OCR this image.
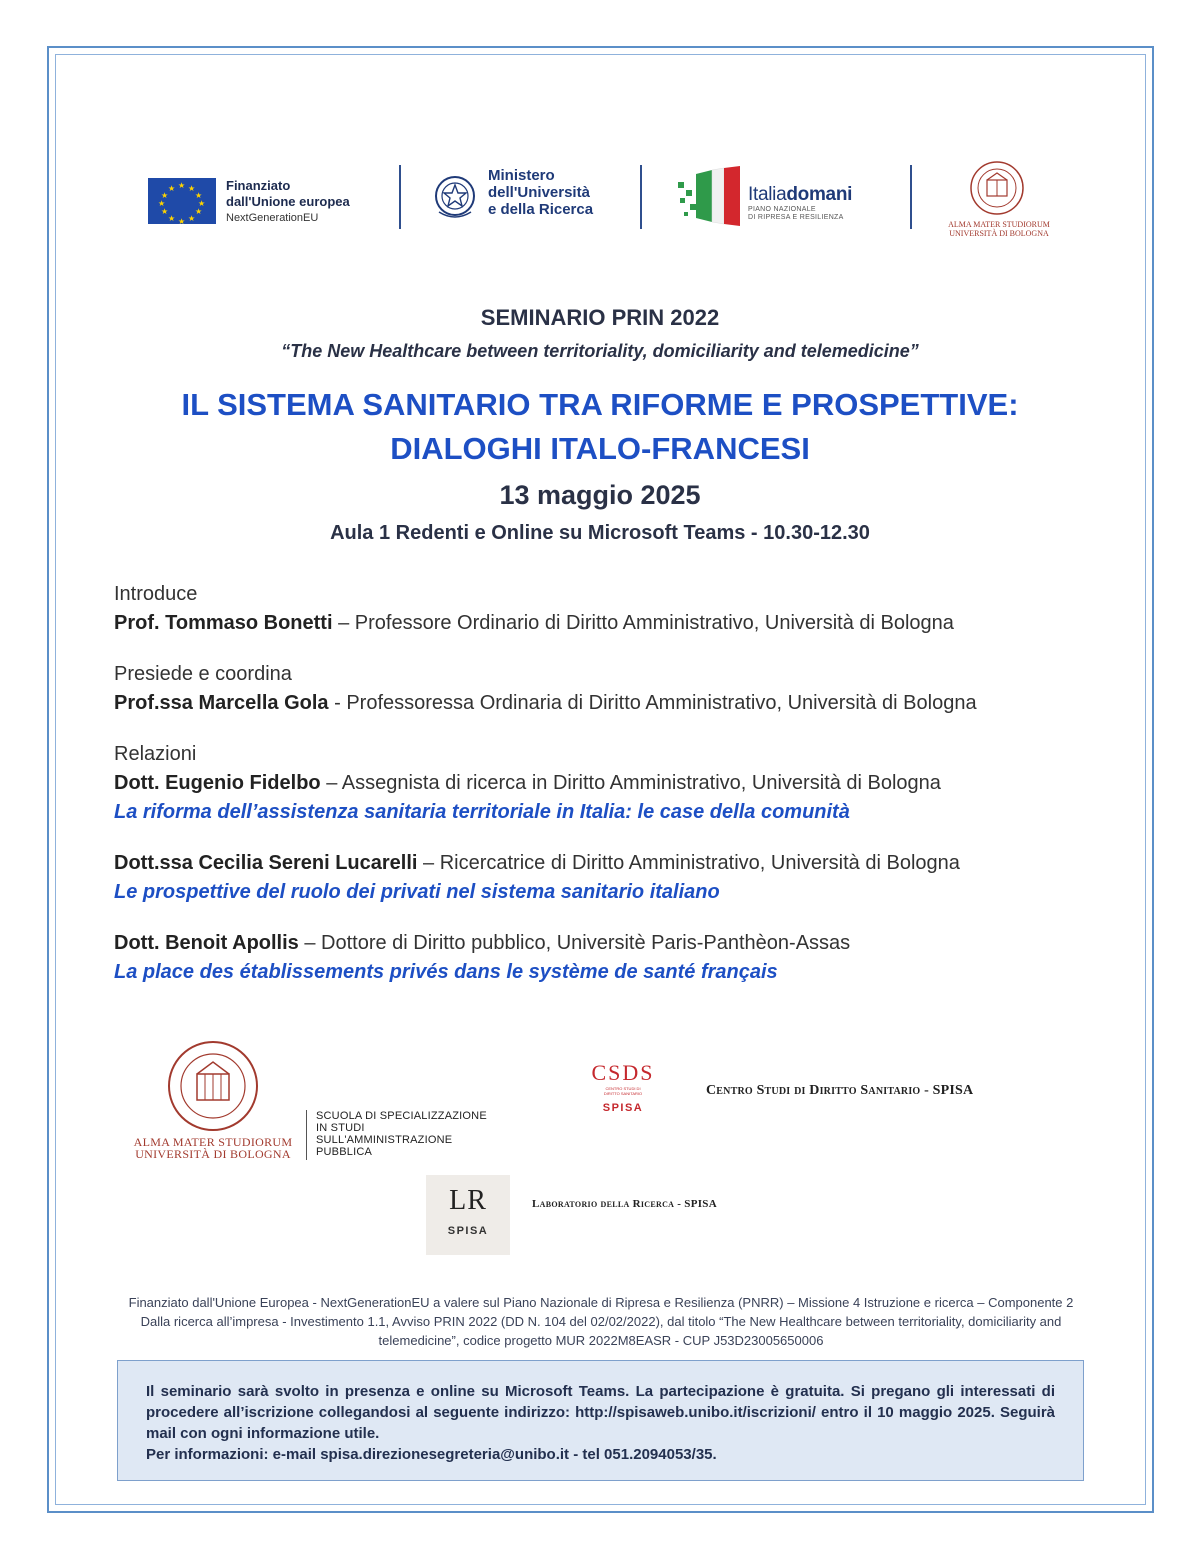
★ ★
★
★
★
★
★
★
★
★
★
★	Finanziato
dall'Unione europea
NextGenerationEU
Ministero
dell'Università
e della Ricerca
Italiadomani
PIANO NAZIONALE
DI RIPRESA E RESILIENZA
ALMA MATER STUDIORUM
UNIVERSITÀ DI BOLOGNA
SEMINARIO PRIN 2022
“The New Healthcare between territoriality, domiciliarity and telemedicine”
IL SISTEMA SANITARIO TRA RIFORME E PROSPETTIVE:
DIALOGHI ITALO-FRANCESI
13 maggio 2025
Aula 1 Redenti e Online su Microsoft Teams - 10.30-12.30
Introduce
Prof. Tommaso Bonetti – Professore Ordinario di Diritto Amministrativo, Università di Bologna
Presiede e coordina
Prof.ssa Marcella Gola - Professoressa Ordinaria di Diritto Amministrativo, Università di Bologna
Relazioni
Dott. Eugenio Fidelbo – Assegnista di ricerca in Diritto Amministrativo, Università di Bologna
La riforma dell’assistenza sanitaria territoriale in Italia: le case della comunità
Dott.ssa Cecilia Sereni Lucarelli – Ricercatrice di Diritto Amministrativo, Università di Bologna
Le prospettive del ruolo dei privati nel sistema sanitario italiano
Dott. Benoit Apollis – Dottore di Diritto pubblico, Universitè Paris-Panthèon-Assas
La place des établissements privés dans le système de santé français
ALMA MATER STUDIORUM
UNIVERSITÀ DI BOLOGNA
SCUOLA DI SPECIALIZZAZIONE
IN STUDI
SULL'AMMINISTRAZIONE
PUBBLICA
CSDS
CENTRO STUDI DI
DIRITTO SANITARIO
SPISA
Centro Studi di Diritto Sanitario - SPISA
LR
SPISA
Laboratorio della Ricerca - SPISA
Finanziato dall'Unione Europea - NextGenerationEU a valere sul Piano Nazionale di Ripresa e Resilienza (PNRR) – Missione 4 Istruzione e ricerca – Componente 2 Dalla ricerca all’impresa - Investimento 1.1, Avviso PRIN 2022 (DD N. 104 del 02/02/2022), dal titolo “The New Healthcare between territoriality, domiciliarity and telemedicine”, codice progetto MUR 2022M8EASR - CUP J53D23005650006
Il seminario sarà svolto in presenza e online su Microsoft Teams. La partecipazione è gratuita. Si pregano gli interessati di procedere all’iscrizione collegandosi al seguente indirizzo: http://spisaweb.unibo.it/iscrizioni/ entro il 10 maggio 2025. Seguirà mail con ogni informazione utile.
Per informazioni: e-mail spisa.direzionesegreteria@unibo.it - tel 051.2094053/35.
